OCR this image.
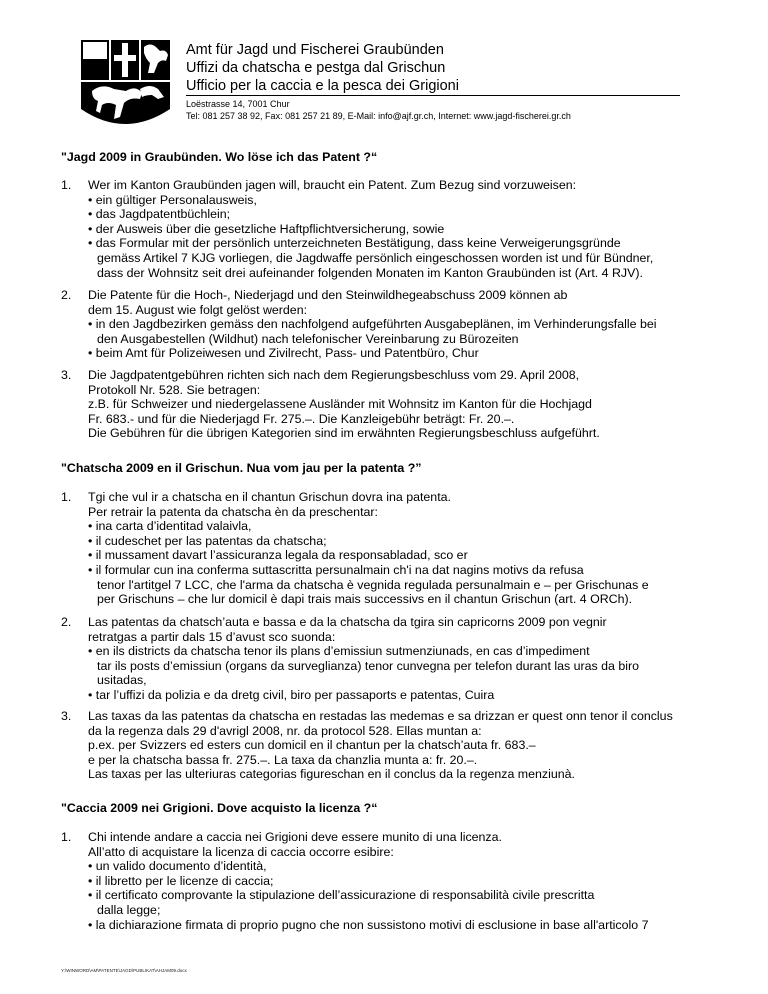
Amt für Jagd und Fischerei Graubünden
Uffizi da chatscha e pestga dal Grischun
Ufficio per la caccia e la pesca dei Grigioni
Loëstrasse 14, 7001 Chur
Tel: 081 257 38 92, Fax: 081 257 21 89, E-Mail: info@ajf.gr.ch, Internet: www.jagd-fischerei.gr.ch
"Jagd 2009 in Graubünden. Wo löse ich das Patent ?“
1.	Wer im Kanton Graubünden jagen will, braucht ein Patent. Zum Bezug sind vorzuweisen:
• ein gültiger Personalausweis,
• das Jagdpatentbüchlein;
• der Ausweis über die gesetzliche Haftpflichtversicherung, sowie
• das Formular mit der persönlich unterzeichneten Bestätigung, dass keine Verweigerungsgründe
gemäss Artikel 7 KJG vorliegen, die Jagdwaffe persönlich eingeschossen worden ist und für Bündner,
dass der Wohnsitz seit drei aufeinander folgenden Monaten im Kanton Graubünden ist (Art. 4 RJV).
2.	Die Patente für die Hoch-, Niederjagd und den Steinwildhegeabschuss 2009 können ab
dem 15. August wie folgt gelöst werden:
• in den Jagdbezirken gemäss den nachfolgend aufgeführten Ausgabeplänen, im Verhinderungsfalle bei
den Ausgabestellen (Wildhut) nach telefonischer Vereinbarung zu Bürozeiten
• beim Amt für Polizeiwesen und Zivilrecht, Pass- und Patentbüro, Chur
3.	Die Jagdpatentgebühren richten sich nach dem Regierungsbeschluss vom 29. April 2008,
Protokoll Nr. 528. Sie betragen:
z.B. für Schweizer und niedergelassene Ausländer mit Wohnsitz im Kanton für die Hochjagd
Fr. 683.- und für die Niederjagd Fr. 275.–. Die Kanzleigebühr beträgt: Fr. 20.–.
Die Gebühren für die übrigen Kategorien sind im erwähnten Regierungsbeschluss aufgeführt.
"Chatscha 2009 en il Grischun. Nua vom jau per la patenta ?”
1.	Tgi che vul ir a chatscha en il chantun Grischun dovra ina patenta.
Per retrair la patenta da chatscha èn da preschentar:
• ina carta d’identitad valaivla,
• il cudeschet per las patentas da chatscha;
• il mussament davart l’assicuranza legala da responsabladad, sco er
• il formular cun ina conferma suttascritta persunalmain ch'i na dat nagins motivs da refusa
tenor l'artitgel 7 LCC, che l'arma da chatscha è vegnida regulada persunalmain e – per Grischunas e
per Grischuns – che lur domicil è dapi trais mais successivs en il chantun Grischun (art. 4 ORCh).
2.	Las patentas da chatsch’auta e bassa e da la chatscha da tgira sin capricorns 2009 pon vegnir
retratgas a partir dals 15 d’avust sco suonda:
• en ils districts da chatscha tenor ils plans d’emissiun sutmenziunads, en cas d’impediment
tar ils posts d’emissiun (organs da surveglianza) tenor cunvegna per telefon durant las uras da biro
usitadas,
• tar l’uffizi da polizia e da dretg civil, biro per passaports e patentas, Cuira
3.	Las taxas da las patentas da chatscha en restadas las medemas e sa drizzan er quest onn tenor il conclus
da la regenza dals 29 d'avrigl 2008, nr. da protocol 528. Ellas muntan a:
p.ex. per Svizzers ed esters cun domicil en il chantun per la chatsch’auta fr. 683.–
e per la chatscha bassa fr. 275.–. La taxa da chanzlia munta a: fr. 20.–.
Las taxas per las ulteriuras categorias figureschan en il conclus da la regenza menziunà.
"Caccia 2009 nei Grigioni. Dove acquisto la licenza ?“
1.	Chi intende andare a caccia nei Grigioni deve essere munito di una licenza.
All’atto di acquistare la licenza di caccia occorre esibire:
• un valido documento d’identità,
• il libretto per le licenze di caccia;
• il certificato comprovante la stipulazione dell’assicurazione di responsabilità civile prescritta
dalla legge;
• la dichiarazione firmata di proprio pugno che non sussistono motivi di esclusione in base all'articolo 7
Y:\WINWORD\AM\PATENTE\JAGD\PUBLIKAT\AHJAM09.docx
